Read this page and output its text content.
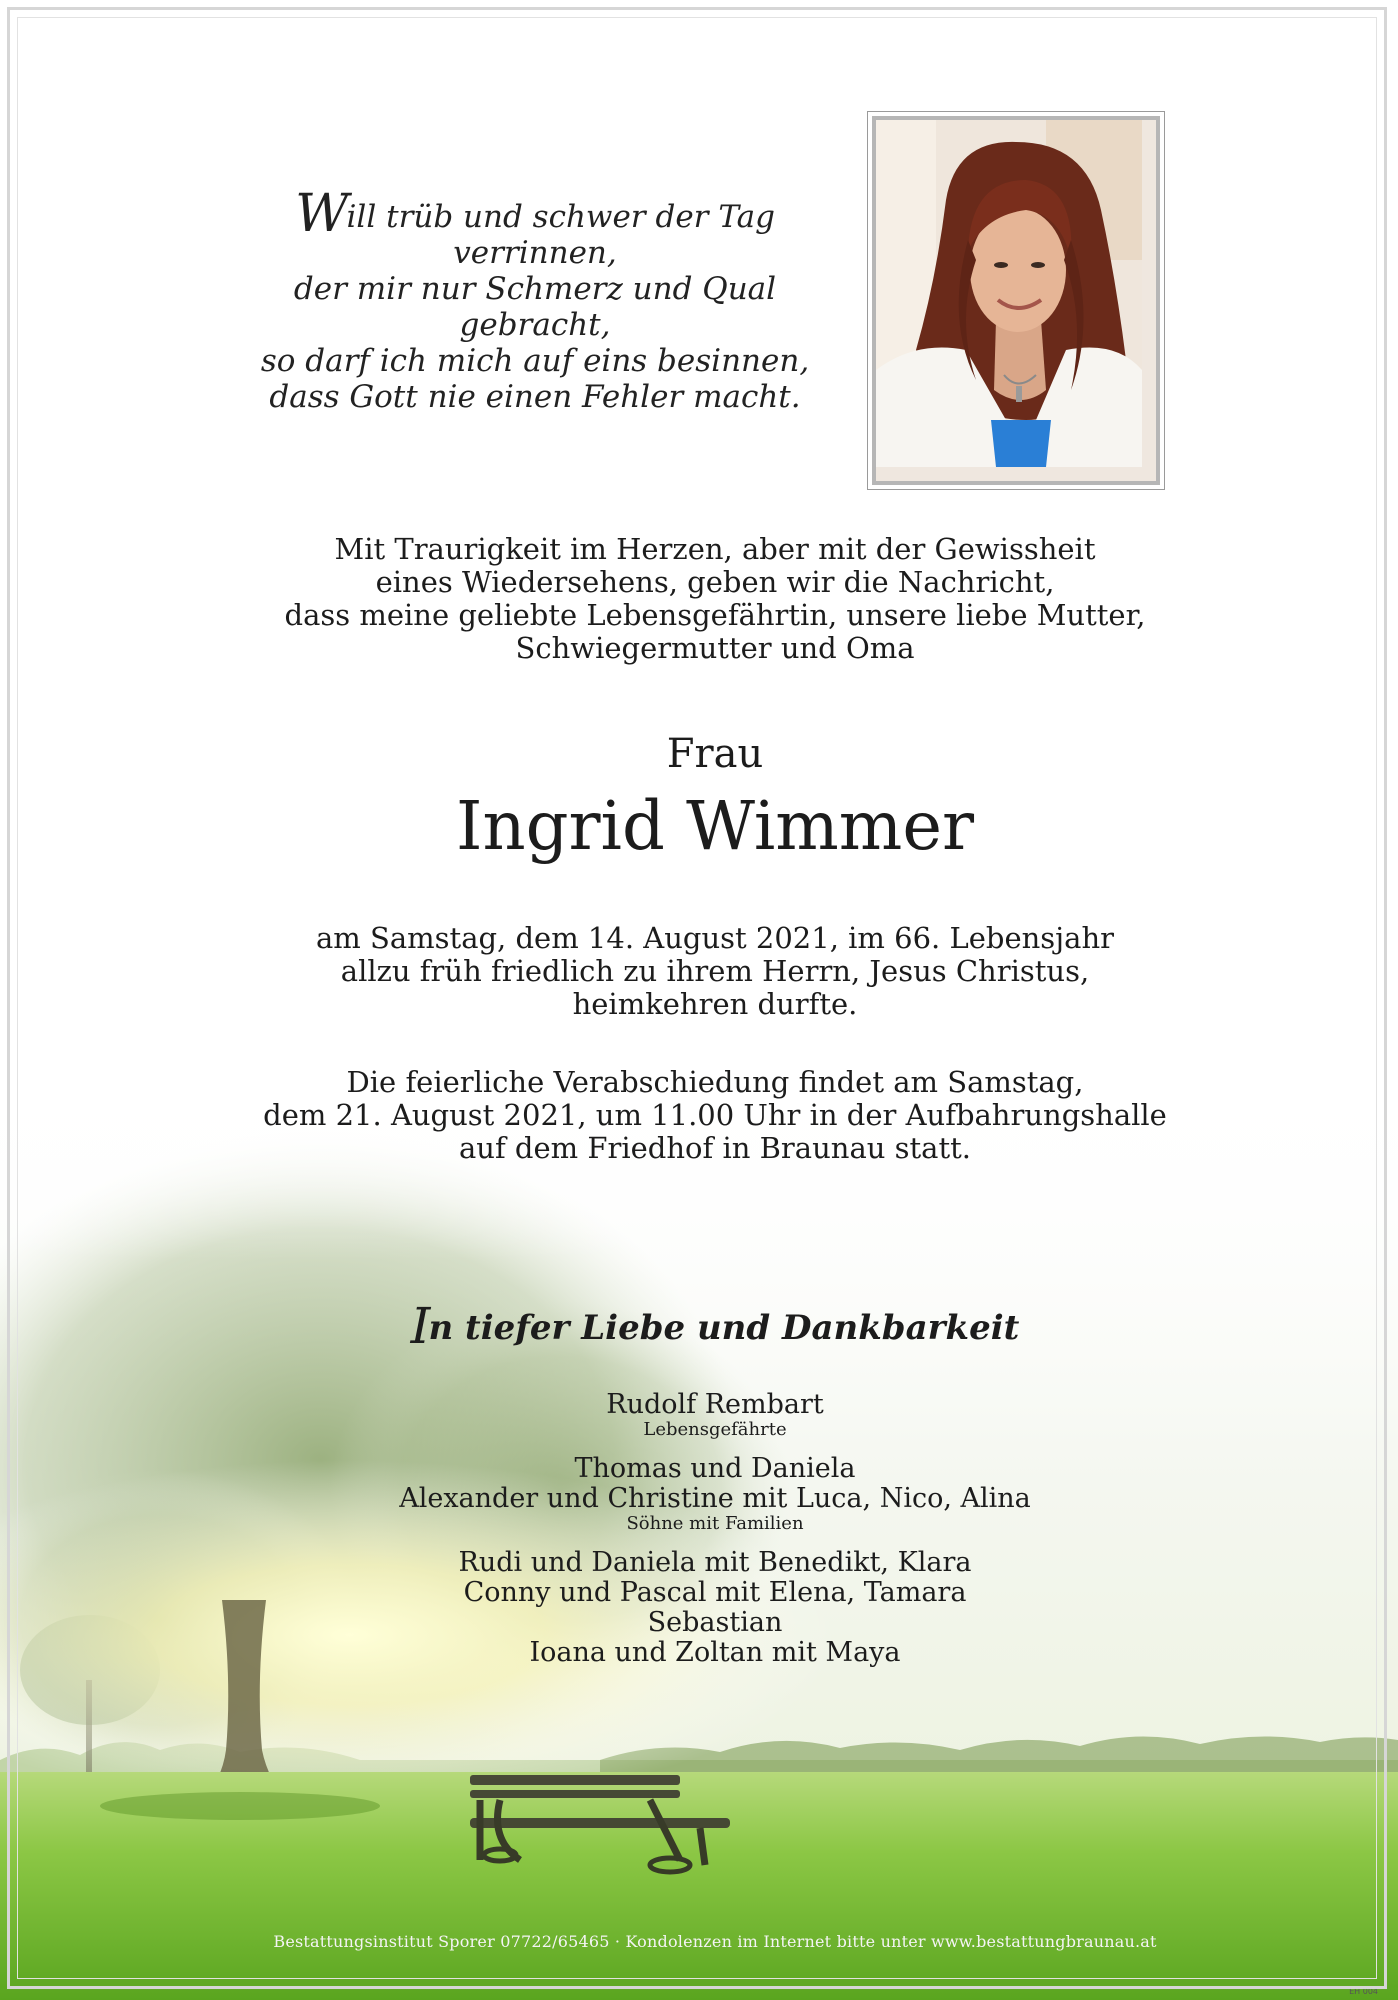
Will trüb und schwer der Tag verrinnen,
der mir nur Schmerz und Qual gebracht,
so darf ich mich auf eins besinnen,
dass Gott nie einen Fehler macht.
Mit Traurigkeit im Herzen, aber mit der Gewissheit
eines Wiedersehens, geben wir die Nachricht,
dass meine geliebte Lebensgefährtin, unsere liebe Mutter,
Schwiegermutter und Oma
Frau
Ingrid Wimmer
am Samstag, dem 14. August 2021, im 66. Lebensjahr
allzu früh friedlich zu ihrem Herrn, Jesus Christus,
heimkehren durfte.
Die feierliche Verabschiedung findet am Samstag,
dem 21. August 2021, um 11.00 Uhr in der Aufbahrungshalle
auf dem Friedhof in Braunau statt.
I n tiefer Liebe und Dankbarkeit
Rudolf Rembart
Lebensgefährte
Thomas und Daniela
Alexander und Christine mit Luca, Nico, Alina
Söhne mit Familien
Rudi und Daniela mit Benedikt, Klara
Conny und Pascal mit Elena, Tamara
Sebastian
Ioana und Zoltan mit Maya
Bestattungsinstitut Sporer 07722/65465 · Kondolenzen im Internet bitte unter www.bestattungbraunau.at
EH 004
